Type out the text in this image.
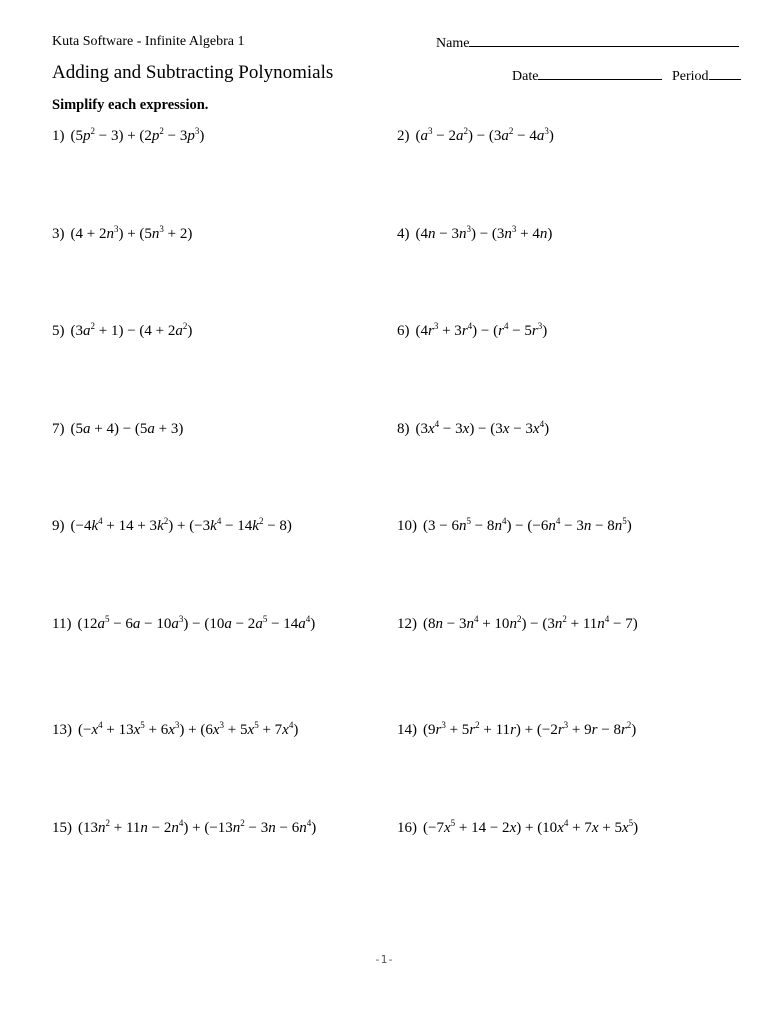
Kuta Software - Infinite Algebra 1	Name
Adding and Subtracting Polynomials	Date	Period
Simplify each expression.
1) $(5p^2 - 3) + (2p^2 - 3p^3)$	2) $(a^3 - 2a^2) - (3a^2 - 4a^3)$
3) $(4 + 2n^3) + (5n^3 + 2)$	4) $(4n - 3n^3) - (3n^3 + 4n)$
5) $(3a^2 + 1) - (4 + 2a^2)$	6) $(4r^3 + 3r^4) - (r^4 - 5r^3)$
7) (5a + 4) − (5a + 3)	8) $(3x^4 - 3x) - (3x - 3x^4)$
9) $(-4k^4 + 14 + 3k^2) + (-3k^4 - 14k^2 - 8)$	10) $(3 - 6n^5 - 8n^4) - (-6n^4 - 3n - 8n^5)$
11) $(12a^5 - 6a - 10a^3) - (10a - 2a^5 - 14a^4)$	12) $(8n - 3n^4 + 10n^2) - (3n^2 + 11n^4 - 7)$
13) $(-x^4 + 13x^5 + 6x^3) + (6x^3 + 5x^5 + 7x^4)$	14) $(9r^3 + 5r^2 + 11r) + (-2r^3 + 9r - 8r^2)$
15) $(13n^2 + 11n - 2n^4) + (-13n^2 - 3n - 6n^4)$	16) $(-7x^5 + 14 - 2x) + (10x^4 + 7x + 5x^5)$
-1-
